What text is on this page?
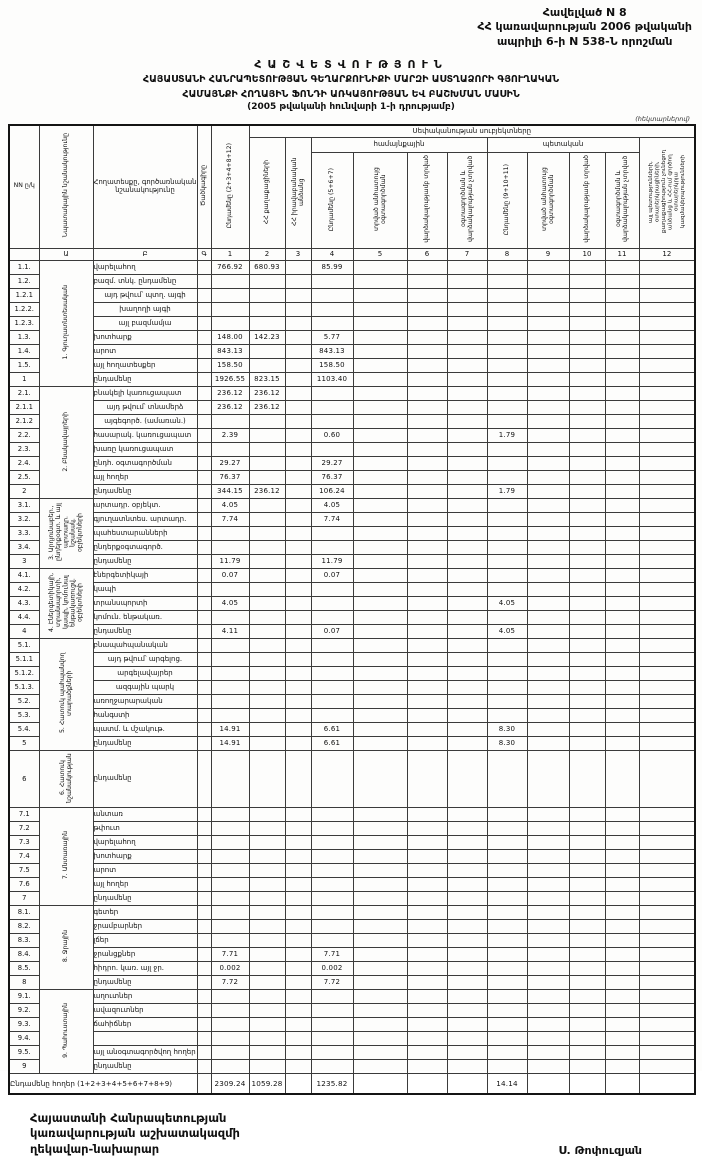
Հավելված N 8
ՀՀ կառավարության 2006 թվականի
ապրիլի 6-ի N 538-Ն որոշման
ՀԱՇՎԵՏՎՈՒԹՅՈՒՆ
ՀԱՅԱՍՏԱՆԻ ՀԱՆՐԱՊԵՏՈՒԹՅԱՆ ԳԵՂԱՐՔՈՒՆԻՔԻ ՄԱՐԶԻ ԱՍՏՂԱՁՈՐԻ ԳՅՈՒՂԱԿԱՆ
ՀԱՄԱՅՆՔԻ ՀՈՂԱՅԻՆ ՖՈՆԴԻ ԱՌԿԱՅՈՒԹՅԱՆ ԵՎ ԲԱՇԽՄԱՆ ՄԱՍԻՆ
(2005 թվականի հունվարի 1-ի դրությամբ)
(հեկտարներով)
NN ը/կ	Նպատակային նշանակությունը	Հողատեսքը, գործառնական նշանակությունը	Ծածկագիրը	Ընդամենը (2+3+4+8+12)	Սեփականության սուբյեկտները										
					ՀՀ քաղաքացիների	ՀՀ իրավաբանական անձանց	համայնքային				պետական				այլ պետությունների, օտարերկրացիների, քաղաքացիություն չունեցող անձանց և ՀՀ-ում գործող օտարերկրյա կազմակերպությունների
							Ընդամենը (5+6+7)	տրված անհատույց օգտագործման	վարձակալությամբ տրված	օգտագործման և վարձակալության չտրված	Ընդամենը (9+10+11)	տրված անհատույց օգտագործման	վարձակալությամբ տրված	օգտագործման և վարձակալության չտրված	
	Ա	Բ	Գ	1	2	3	4	5	6	7	8	9	10	11	12
1.1.	1. Գյուղատնտեսական	վարելահող		766.92	680.93		85.99								
1.2.		բազմ. տնկ. ընդամենը													
1.2.1		այդ թվում՝ պտղ. այգի													
1.2.2.		խաղողի այգի													
1.2.3.		այլ բազմամյա													
1.3.		խոտհարք		148.00	142.23		5.77								
1.4.		արոտ		843.13			843.13								
1.5.		այլ հողատեսքեր		158.50			158.50								
1		ընդամենը		1926.55	823.15		1103.40								
2.1.	2. Բնակավայրերի	բնակելի կառուցապատ		236.12	236.12										
2.1.1		այդ թվում՝ տնամերձ		236.12	236.12										
2.1.2		այգեգործ. (ամառան.)													
2.2.		հասարակ. կառուցապատ		2.39			0.60				1.79				
2.3.		խառը կառուցապատ													
2.4.		ընդհ. օգտագործման		29.27			29.27								
2.5.		այլ հողեր		76.37			76.37								
2		ընդամենը		344.15	236.12		106.24				1.79				
3.1.	3. Արդյունաբեր., ընդերքօգտ. և այլ արտադր. նշանակ. օբյեկտների	արտադր. օբյեկտ.		4.05			4.05								
3.2.		գյուղատնտես. արտադր.		7.74			7.74								
3.3.		պահեստարանների													
3.4.		ընդերքօգտագործ.													
3		ընդամենը		11.79			11.79								
4.1.	4. Էներգետիկայի, տրանսպորտի, կապի, կոմունալ ենթակառուցվ. օբյեկտների	էներգետիկայի		0.07			0.07								
4.2.		կապի													
4.3.		տրանսպորտի		4.05							4.05				
4.4.		կոմուն. ենթակառ.													
4		ընդամենը		4.11			0.07				4.05				
5.1.	5. Հատուկ պահպանվող տարածքների	բնապահպանական													
5.1.1		այդ թվում՝ արգելոց.													
5.1.2.		արգելավայրեր													
5.1.3.		ազգային պարկ													
5.2.		առողջարարական													
5.3.		հանգստի													
5.4.		պատմ. և մշակութ.		14.91			6.61				8.30				
5		ընդամենը		14.91			6.61				8.30				
6	6. Հատուկ նշանակության	ընդամենը													
7.1	7. Անտառային	անտառ													
7.2		թփուտ													
7.3		վարելահող													
7.4		խոտհարք													
7.5		արոտ													
7.6		այլ հողեր													
7		ընդամենը													
8.1.	8. Ջրային	գետեր													
8.2.		ջրամբարներ													
8.3.		լճեր													
8.4.		ջրանցքներ		7.71			7.71								
8.5.		հիդրո. կառ. այլ ջր.		0.002			0.002								
8		ընդամենը		7.72			7.72								
9.1.	9. Պահուստային	աղուտներ													
9.2.		ավազուտներ													
9.3.		ճահիճներ													
9.4.															
9.5.		այլ անօգտագործվող հողեր													
9		ընդամենը													
Ընդամենը հողեր (1+2+3+4+5+6+7+8+9)				2309.24	1059.28		1235.82				14.14				
Հայաստանի Հանրապետության
կառավարության աշխատակազմի
ղեկավար-նախարար	Ս. Թոփուզյան
